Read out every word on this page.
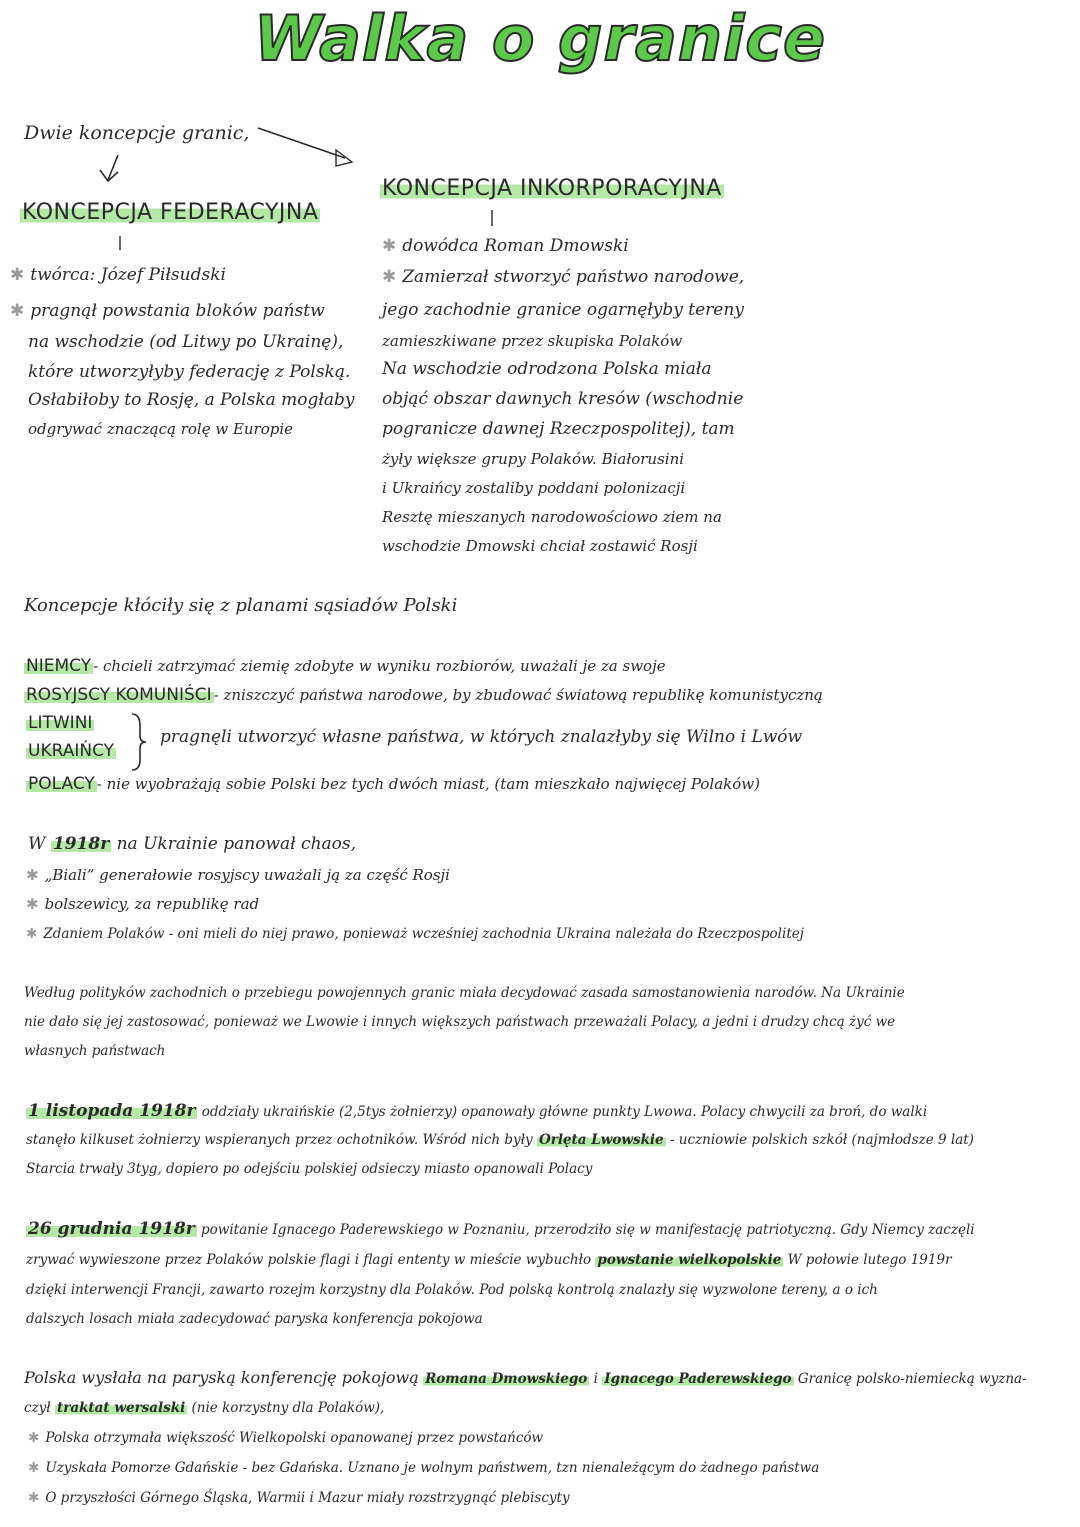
Walka o granice
Dwie koncepcje granic,
KONCEPCJA FEDERACYJNA
✱ twórca: Józef Piłsudski
✱ pragnął powstania bloków państw
na wschodzie (od Litwy po Ukrainę),
które utworzyłyby federację z Polską.
Osłabiłoby to Rosję, a Polska mogłaby
odgrywać znaczącą rolę w Europie
KONCEPCJA INKORPORACYJNA
✱ dowódca Roman Dmowski
✱ Zamierzał stworzyć państwo narodowe,
jego zachodnie granice ogarnęłyby tereny
zamieszkiwane przez skupiska Polaków
Na wschodzie odrodzona Polska miała
objąć obszar dawnych kresów (wschodnie
pogranicze dawnej Rzeczpospolitej), tam
żyły większe grupy Polaków. Białorusini
i Ukraińcy zostaliby poddani polonizacji
Resztę mieszanych narodowościowo ziem na
wschodzie Dmowski chciał zostawić Rosji
Koncepcje kłóciły się z planami sąsiadów Polski
NIEMCY - chcieli zatrzymać ziemię zdobyte w wyniku rozbiorów, uważali je za swoje
ROSYJSCY KOMUNIŚCI - zniszczyć państwa narodowe, by zbudować światową republikę komunistyczną
LITWINI
UKRAIŃCY
pragnęli utworzyć własne państwa, w których znalazłyby się Wilno i Lwów
POLACY - nie wyobrażają sobie Polski bez tych dwóch miast, (tam mieszkało najwięcej Polaków)
W 1918r na Ukrainie panował chaos,
✱ „Biali” generałowie rosyjscy uważali ją za część Rosji
✱ bolszewicy, za republikę rad
✱ Zdaniem Polaków - oni mieli do niej prawo, ponieważ wcześniej zachodnia Ukraina należała do Rzeczpospolitej
Według polityków zachodnich o przebiegu powojennych granic miała decydować zasada samostanowienia narodów. Na Ukrainie
nie dało się jej zastosować, ponieważ we Lwowie i innych większych państwach przeważali Polacy, a jedni i drudzy chcą żyć we
własnych państwach
1 listopada 1918r oddziały ukraińskie (2,5tys żołnierzy) opanowały główne punkty Lwowa. Polacy chwycili za broń, do walki
stanęło kilkuset żołnierzy wspieranych przez ochotników. Wśród nich były Orlęta Lwowskie - uczniowie polskich szkół (najmłodsze 9 lat)
Starcia trwały 3tyg, dopiero po odejściu polskiej odsieczy miasto opanowali Polacy
26 grudnia 1918r powitanie Ignacego Paderewskiego w Poznaniu, przerodziło się w manifestację patriotyczną. Gdy Niemcy zaczęli
zrywać wywieszone przez Polaków polskie flagi i flagi ententy w mieście wybuchło powstanie wielkopolskie W połowie lutego 1919r
dzięki interwencji Francji, zawarto rozejm korzystny dla Polaków. Pod polską kontrolą znalazły się wyzwolone tereny, a o ich
dalszych losach miała zadecydować paryska konferencja pokojowa
Polska wysłała na paryską konferencję pokojową Romana Dmowskiego i Ignacego Paderewskiego Granicę polsko-niemiecką wyzna-
czył traktat wersalski (nie korzystny dla Polaków),
✱ Polska otrzymała większość Wielkopolski opanowanej przez powstańców
✱ Uzyskała Pomorze Gdańskie - bez Gdańska. Uznano je wolnym państwem, tzn nienależącym do żadnego państwa
✱ O przyszłości Górnego Śląska, Warmii i Mazur miały rozstrzygnąć plebiscyty
